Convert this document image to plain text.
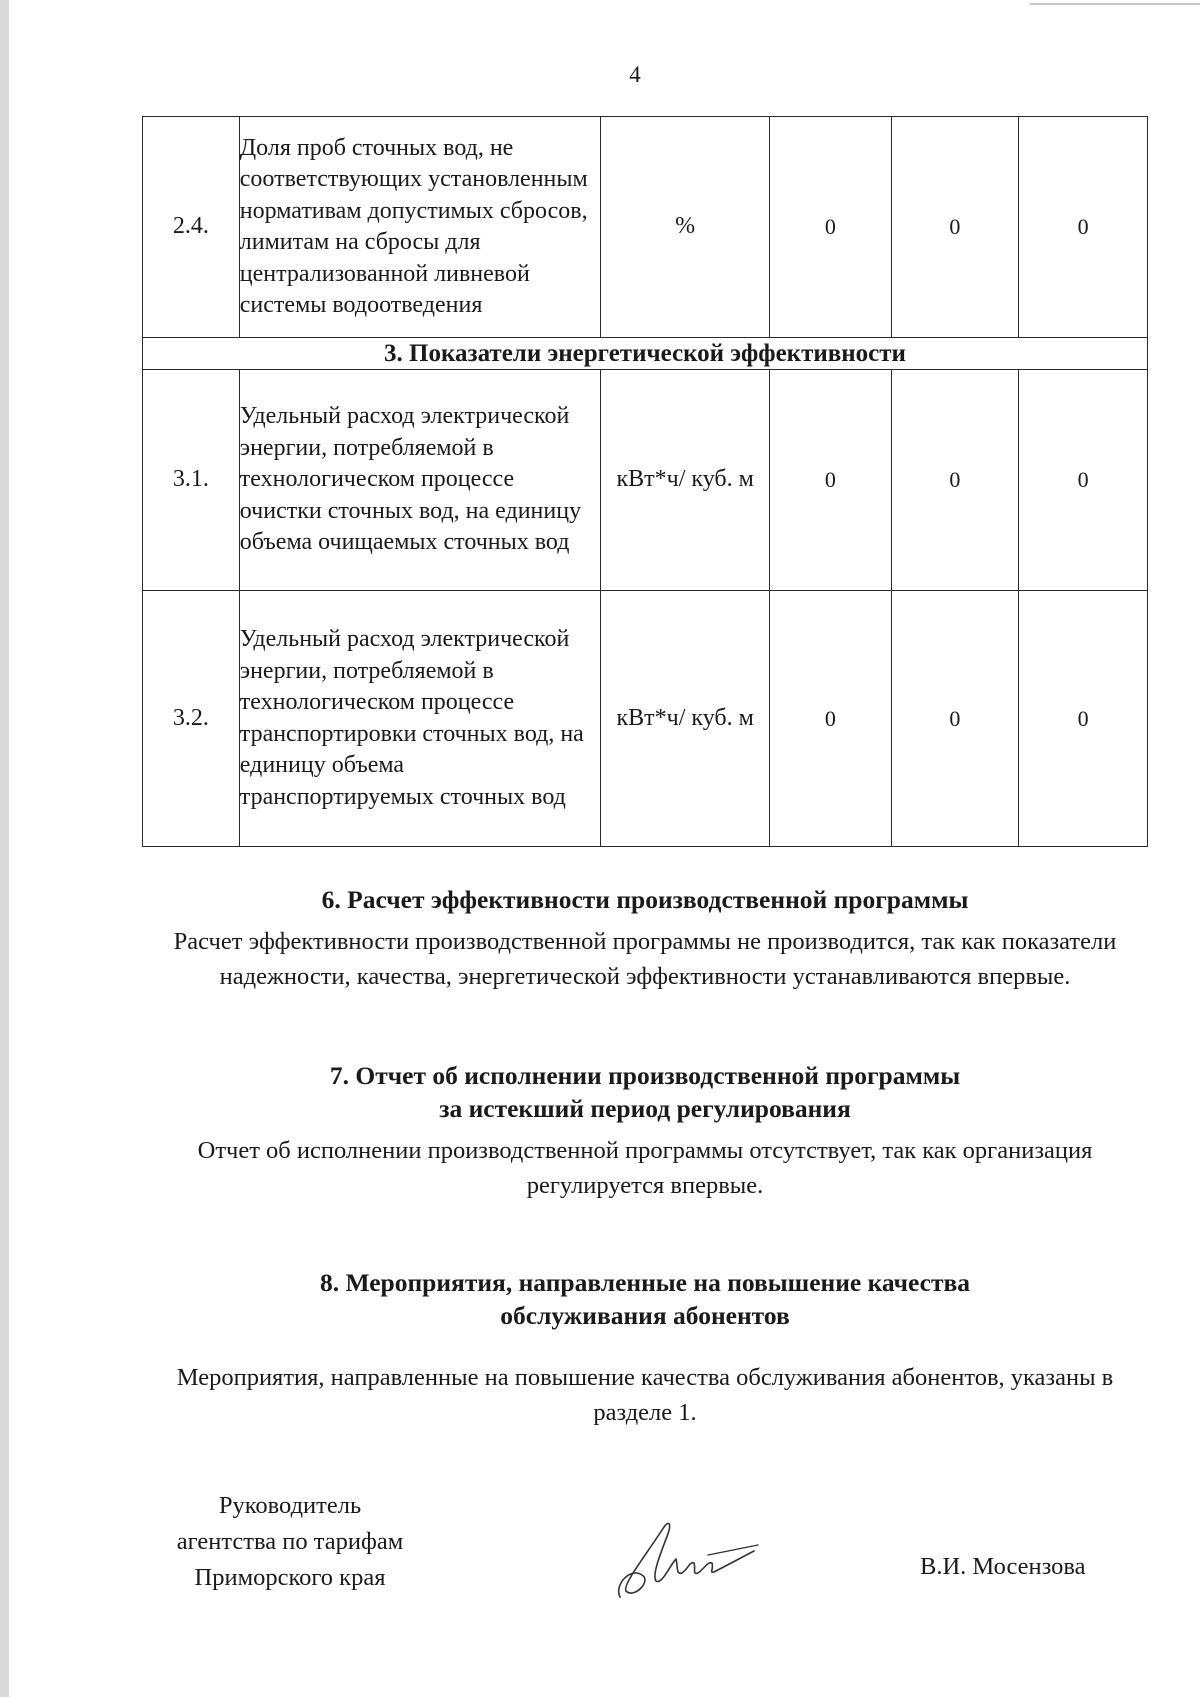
4
2.4.	Доля проб сточных вод, не соответствующих установленным нормативам допустимых сбросов, лимитам на сбросы для централизованной ливневой системы водоотведения	%	0	0	0
3. Показатели энергетической эффективности					
3.1.	Удельный расход электрической энергии, потребляемой в технологическом процессе очистки сточных вод, на единицу объема очищаемых сточных вод	кВт*ч/ куб. м	0	0	0
3.2.	Удельный расход электрической энергии, потребляемой в технологическом процессе транспортировки сточных вод, на единицу объема транспортируемых сточных вод	кВт*ч/ куб. м	0	0	0
6. Расчет эффективности производственной программы
Расчет эффективности производственной программы не производится, так как показатели надежности, качества, энергетической эффективности устанавливаются впервые.
7. Отчет об исполнении производственной программы
за истекший период регулирования
Отчет об исполнении производственной программы отсутствует, так как организация регулируется впервые.
8. Мероприятия, направленные на повышение качества
обслуживания абонентов
Мероприятия, направленные на повышение качества обслуживания абонентов, указаны в разделе 1.
Руководитель
агентства по тарифам
Приморского края	В.И. Мосензова
